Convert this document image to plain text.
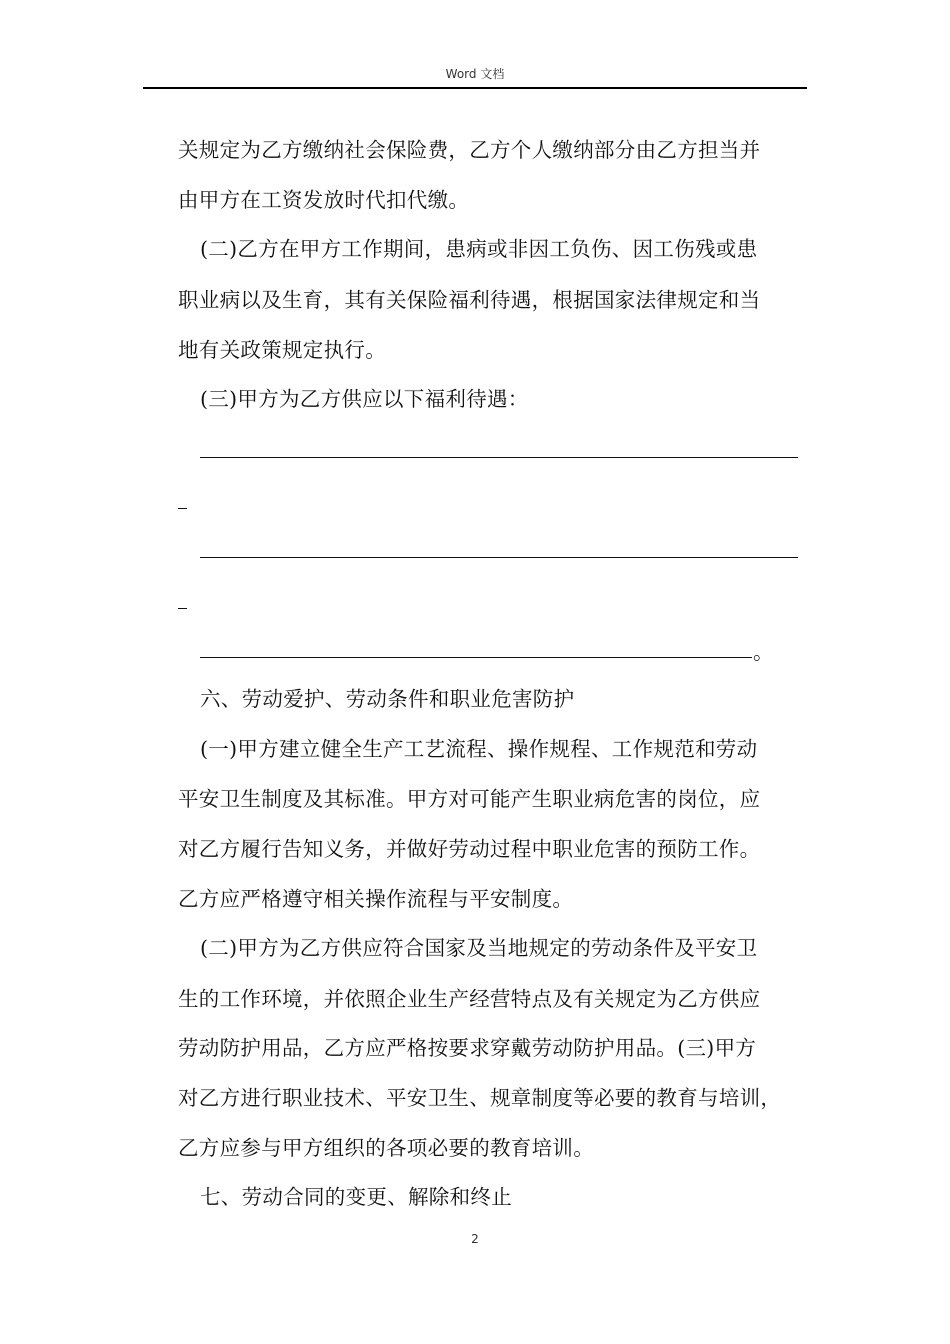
Word 文档
关规定为乙方缴纳社会保险费，乙方个人缴纳部分由乙方担当并
由甲方在工资发放时代扣代缴。
(二)乙方在甲方工作期间，患病或非因工负伤、因工伤残或患
职业病以及生育，其有关保险福利待遇，根据国家法律规定和当
地有关政策规定执行。
(三)甲方为乙方供应以下福利待遇：
。
六、劳动爱护、劳动条件和职业危害防护
(一)甲方建立健全生产工艺流程、操作规程、工作规范和劳动
平安卫生制度及其标准。甲方对可能产生职业病危害的岗位，应
对乙方履行告知义务，并做好劳动过程中职业危害的预防工作。
乙方应严格遵守相关操作流程与平安制度。
(二)甲方为乙方供应符合国家及当地规定的劳动条件及平安卫
生的工作环境，并依照企业生产经营特点及有关规定为乙方供应
劳动防护用品，乙方应严格按要求穿戴劳动防护用品。(三)甲方
对乙方进行职业技术、平安卫生、规章制度等必要的教育与培训，
乙方应参与甲方组织的各项必要的教育培训。
七、劳动合同的变更、解除和终止
2
